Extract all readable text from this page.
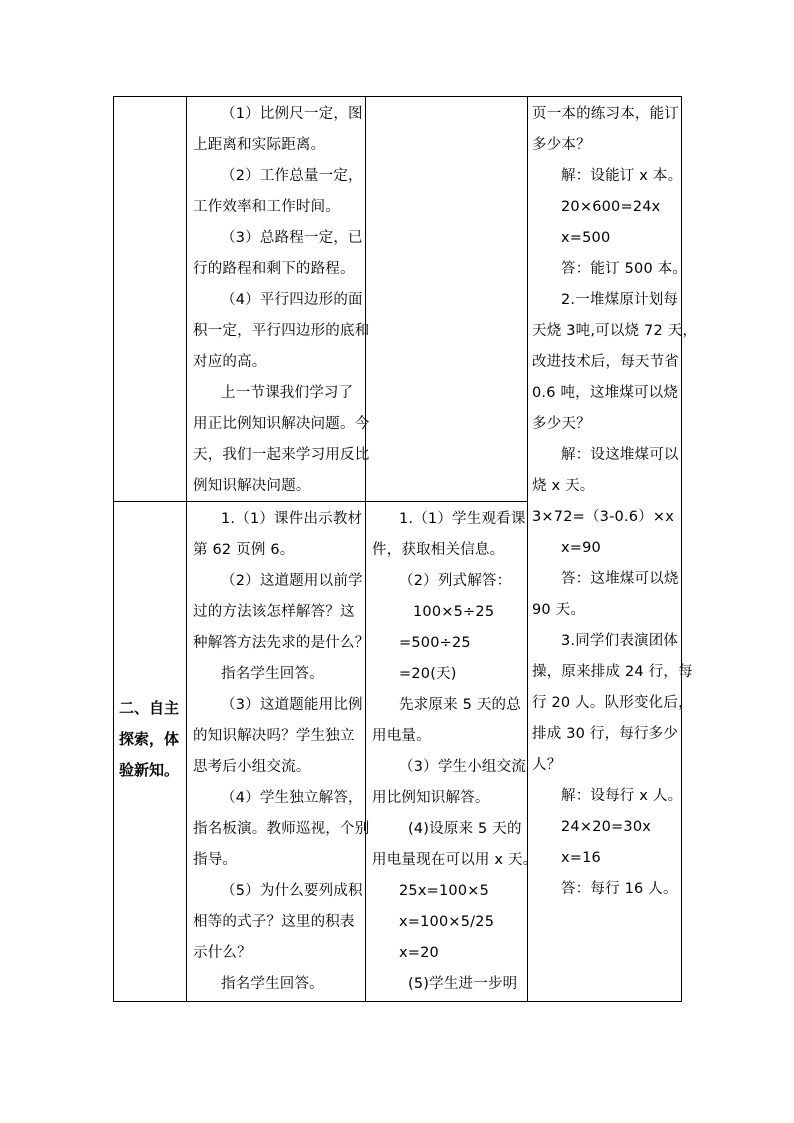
二、自主
探索，体
验新知。
（1）比例尺一定，图
上距离和实际距离。
（2）工作总量一定，
工作效率和工作时间。
（3）总路程一定，已
行的路程和剩下的路程。
（4）平行四边形的面
积一定，平行四边形的底和
对应的高。
上一节课我们学习了
用正比例知识解决问题。今
天，我们一起来学习用反比
例知识解决问题。
1.（1）课件出示教材
第 62 页例 6。
（2）这道题用以前学
过的方法该怎样解答？这
种解答方法先求的是什么？
指名学生回答。
（3）这道题能用比例
的知识解决吗？学生独立
思考后小组交流。
（4）学生独立解答，
指名板演。教师巡视，个别
指导。
（5）为什么要列成积
相等的式子？这里的积表
示什么？
指名学生回答。
1.（1）学生观看课
件，获取相关信息。
（2）列式解答：
100×5÷25
=500÷25
=20(天)
先求原来 5 天的总
用电量。
（3）学生小组交流
用比例知识解答。
(4)设原来 5 天的
用电量现在可以用 x 天。
25x=100×5
x=100×5/25
x=20
(5)学生进一步明
页一本的练习本，能订
多少本？
解：设能订 x 本。
20×600=24x
x=500
答：能订 500 本。
2.一堆煤原计划每
天烧 3吨,可以烧 72 天，
改进技术后，每天节省
0.6 吨，这堆煤可以烧
多少天？
解：设这堆煤可以
烧 x 天。
3×72=（3-0.6）×x
x=90
答：这堆煤可以烧
90 天。
3.同学们表演团体
操，原来排成 24 行，每
行 20 人。队形变化后，
排成 30 行，每行多少
人？
解：设每行 x 人。
24×20=30x
x=16
答：每行 16 人。
